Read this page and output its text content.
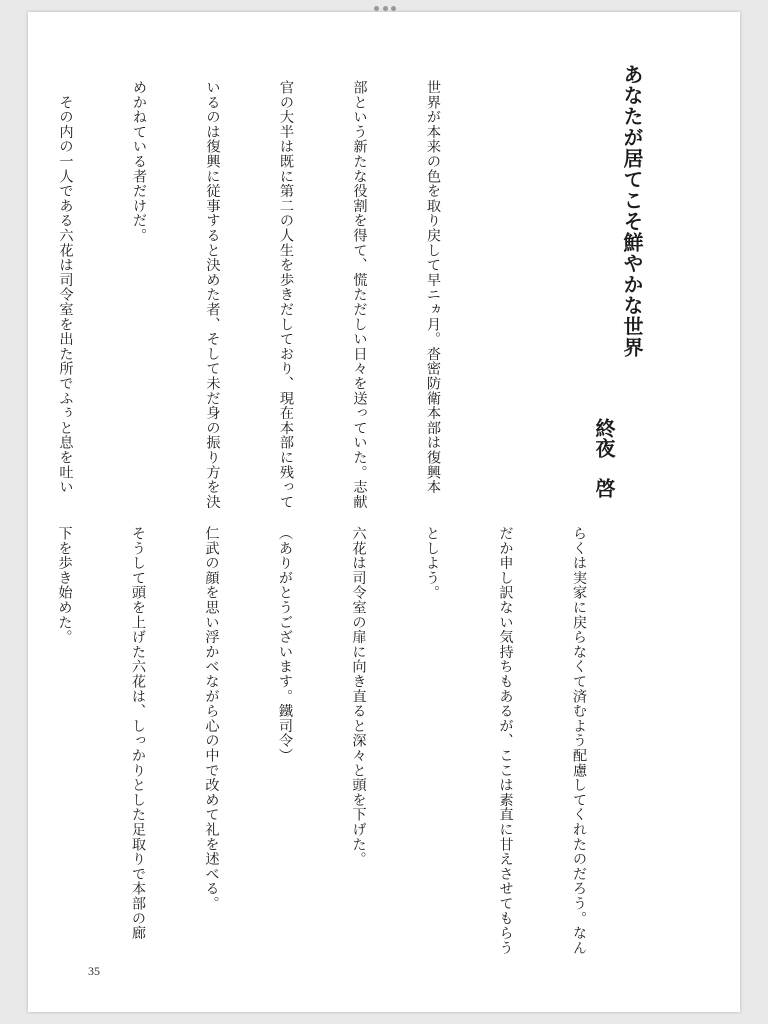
あなたが居てこそ鮮やかな世界
終夜　啓

世界が本来の色を取り戻して早ニヵ月。沓密防衛本部は復興本

部という新たな役割を得て、慌ただしい日々を送っていた。志献

官の大半は既に第二の人生を歩きだしており、現在本部に残って

いるのは復興に従事すると決めた者、そして未だ身の振り方を決

めかねている者だけだ。

　その内の一人である六花は司令室を出た所でふぅと息を吐い

らくは実家に戻らなくて済むよう配慮してくれたのだろう。なん

だか申し訳ない気持ちもあるが、ここは素直に甘えさせてもらう

としよう。

六花は司令室の扉に向き直ると深々と頭を下げた。

（ありがとうございます。鐵司令）

仁武の顔を思い浮かべながら心の中で改めて礼を述べる。

そうして頭を上げた六花は、しっかりとした足取りで本部の廊

下を歩き始めた。

35
